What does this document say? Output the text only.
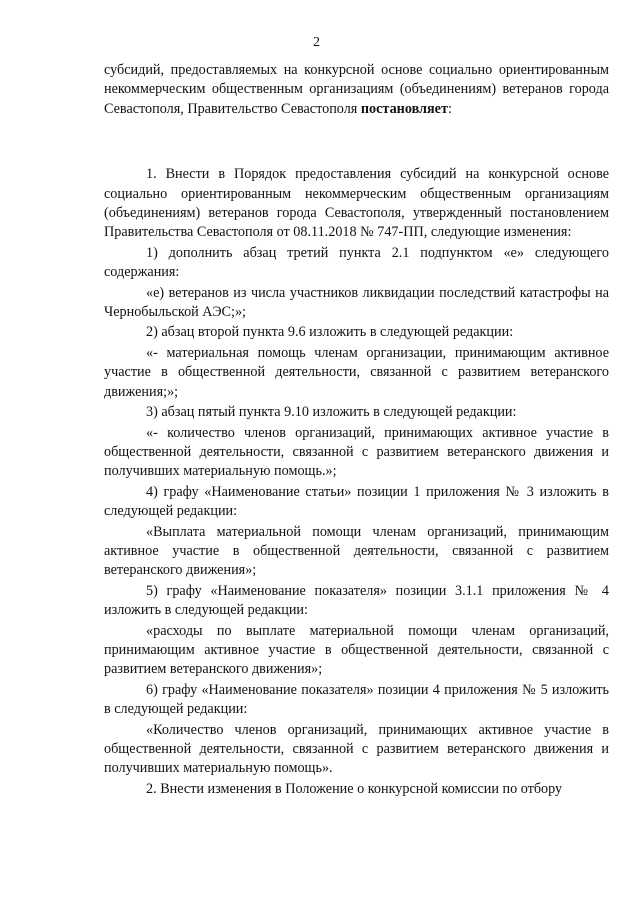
2

субсидий, предоставляемых на конкурсной основе социально ориентированным некоммерческим общественным организациям (объединениям) ветеранов города Севастополя, Правительство Севастополя постановляет:

1. Внести в Порядок предоставления субсидий на конкурсной основе социально ориентированным некоммерческим общественным организациям (объединениям) ветеранов города Севастополя, утвержденный постановлением Правительства Севастополя от 08.11.2018 № 747-ПП, следующие изменения:

1) дополнить абзац третий пункта 2.1 подпунктом «е» следующего содержания:

«е) ветеранов из числа участников ликвидации последствий катастрофы на Чернобыльской АЭС;»;

2) абзац второй пункта 9.6 изложить в следующей редакции:

«- материальная помощь членам организации, принимающим активное участие в общественной деятельности, связанной с развитием ветеранского движения;»;

3) абзац пятый пункта 9.10 изложить в следующей редакции:

«- количество членов организаций, принимающих активное участие в общественной деятельности, связанной с развитием ветеранского движения и получивших материальную помощь.»;

4) графу «Наименование статьи» позиции 1 приложения № 3 изложить в следующей редакции:

«Выплата материальной помощи членам организаций, принимающим активное участие в общественной деятельности, связанной с развитием ветеранского движения»;

5) графу «Наименование показателя» позиции 3.1.1 приложения № 4 изложить в следующей редакции:

«расходы по выплате материальной помощи членам организаций, принимающим активное участие в общественной деятельности, связанной с развитием ветеранского движения»;

6) графу «Наименование показателя» позиции 4 приложения № 5 изложить в следующей редакции:

«Количество членов организаций, принимающих активное участие в общественной деятельности, связанной с развитием ветеранского движения и получивших материальную помощь».

2. Внести изменения в Положение о конкурсной комиссии по отбору
